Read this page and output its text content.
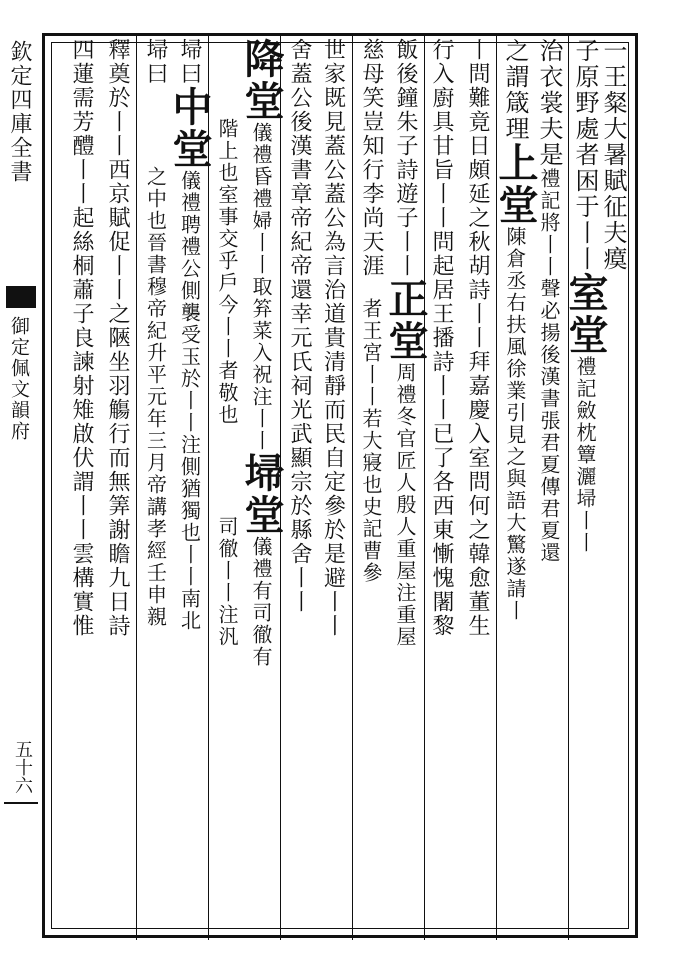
欽定四庫全書
御定佩文韻府
五十六
一王粲大暑賦征夫瘼
子原野處者困于丨丨
室堂
禮記斂枕簟灑埽丨丨
治衣裳夫是
禮記將丨丨聲必揚後漢書張君夏傳君夏還
之謂箴理
上堂
陳倉丞右扶風徐業引見之與語大驚遂請丨
丨問難竟日頗延之秋胡詩丨丨拜嘉慶入室問何之韓愈董生
行入廚具甘旨丨丨問起居王播詩丨丨已了各西東慚愧闍黎
飯後鐘朱子詩遊子丨丨
正堂
周禮冬官匠人殷人重屋注重屋
慈母笑豈知行李尚天涯
者王宮丨丨若大寢也史記曹參
世家既見蓋公蓋公為言治道貴清靜而民自定參於是避丨丨
舍蓋公後漢書章帝紀帝還幸元氏祠光武顯宗於縣舍丨丨
降堂
儀禮昏禮婦丨丨取笲菜入祝注丨丨
埽堂
儀禮有司徹有
階上也室事交乎戶今丨丨者敬也
司徹丨丨注汎
埽曰
中堂
儀禮聘禮公側襲受玉於丨丨注側猶獨也丨丨南北
埽曰
之中也晉書穆帝紀升平元年三月帝講孝經壬申親
釋奠於丨丨西京賦促丨丨之陿坐羽觴行而無筭謝瞻九日詩
四蓮需芳醴丨丨起絲桐蕭子良諫射雉啟伏謂丨丨雲構實惟
